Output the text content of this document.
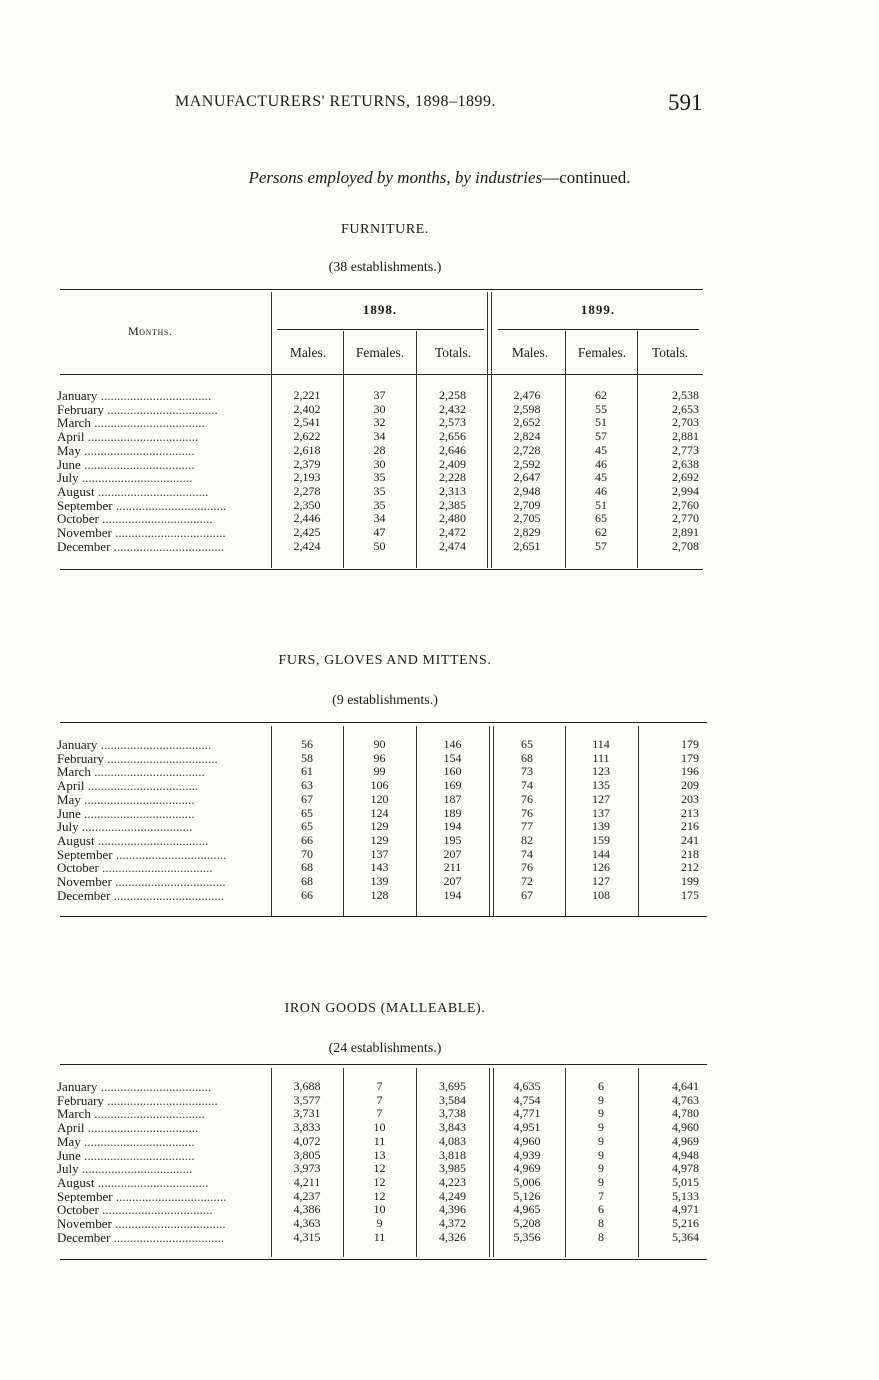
MANUFACTURERS' RETURNS, 1898–1899.	591
Persons employed by months, by industries—continued.
FURNITURE.
(38 establishments.)
Months.
1898.	1899.
Males.	Females.	Totals.	Males.	Females.	Totals.
January ..................................	2,221	37	2,258	2,476	62	2,538
February ..................................	2,402	30	2,432	2,598	55	2,653
March ..................................	2,541	32	2,573	2,652	51	2,703
April ..................................	2,622	34	2,656	2,824	57	2,881
May ..................................	2,618	28	2,646	2,728	45	2,773
June ..................................	2,379	30	2,409	2,592	46	2,638
July ..................................	2,193	35	2,228	2,647	45	2,692
August ..................................	2,278	35	2,313	2,948	46	2,994
September ..................................	2,350	35	2,385	2,709	51	2,760
October ..................................	2,446	34	2,480	2,705	65	2,770
November ..................................	2,425	47	2,472	2,829	62	2,891
December ..................................	2,424	50	2,474	2,651	57	2,708
FURS, GLOVES AND MITTENS.
(9 establishments.)
January ..................................	56	90	146	65	114	179
February ..................................	58	96	154	68	111	179
March ..................................	61	99	160	73	123	196
April ..................................	63	106	169	74	135	209
May ..................................	67	120	187	76	127	203
June ..................................	65	124	189	76	137	213
July ..................................	65	129	194	77	139	216
August ..................................	66	129	195	82	159	241
September ..................................	70	137	207	74	144	218
October ..................................	68	143	211	76	126	212
November ..................................	68	139	207	72	127	199
December ..................................	66	128	194	67	108	175
IRON GOODS (MALLEABLE).
(24 establishments.)
January ..................................	3,688	7	3,695	4,635	6	4,641
February ..................................	3,577	7	3,584	4,754	9	4,763
March ..................................	3,731	7	3,738	4,771	9	4,780
April ..................................	3,833	10	3,843	4,951	9	4,960
May ..................................	4,072	11	4,083	4,960	9	4,969
June ..................................	3,805	13	3,818	4,939	9	4,948
July ..................................	3,973	12	3,985	4,969	9	4,978
August ..................................	4,211	12	4,223	5,006	9	5,015
September ..................................	4,237	12	4,249	5,126	7	5,133
October ..................................	4,386	10	4,396	4,965	6	4,971
November ..................................	4,363	9	4,372	5,208	8	5,216
December ..................................	4,315	11	4,326	5,356	8	5,364
